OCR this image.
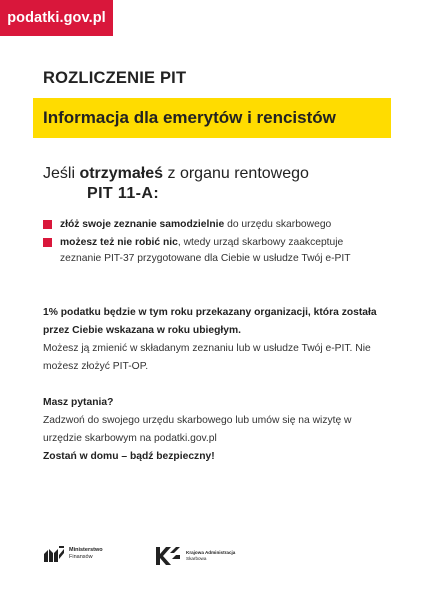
podatki.gov.pl
ROZLICZENIE PIT
Informacja dla emerytów i rencistów
Jeśli otrzymałeś z organu rentowego
PIT 11-A:
złóż swoje zeznanie samodzielnie do urzędu skarbowego
możesz też nie robić nic, wtedy urząd skarbowy zaakceptuje zeznanie PIT-37 przygotowane dla Ciebie w usłudze Twój e-PIT
1% podatku będzie w tym roku przekazany organizacji, która została przez Ciebie wskazana w roku ubiegłym.
Możesz ją zmienić w składanym zeznaniu lub w usłudze Twój e-PIT. Nie możesz złożyć PIT-OP.
Masz pytania?
Zadzwoń do swojego urzędu skarbowego lub umów się na wizytę w urzędzie skarbowym na podatki.gov.pl
Zostań w domu – bądź bezpieczny!
Ministerstwo
Finansów
Krajowa Administracja
Skarbowa
